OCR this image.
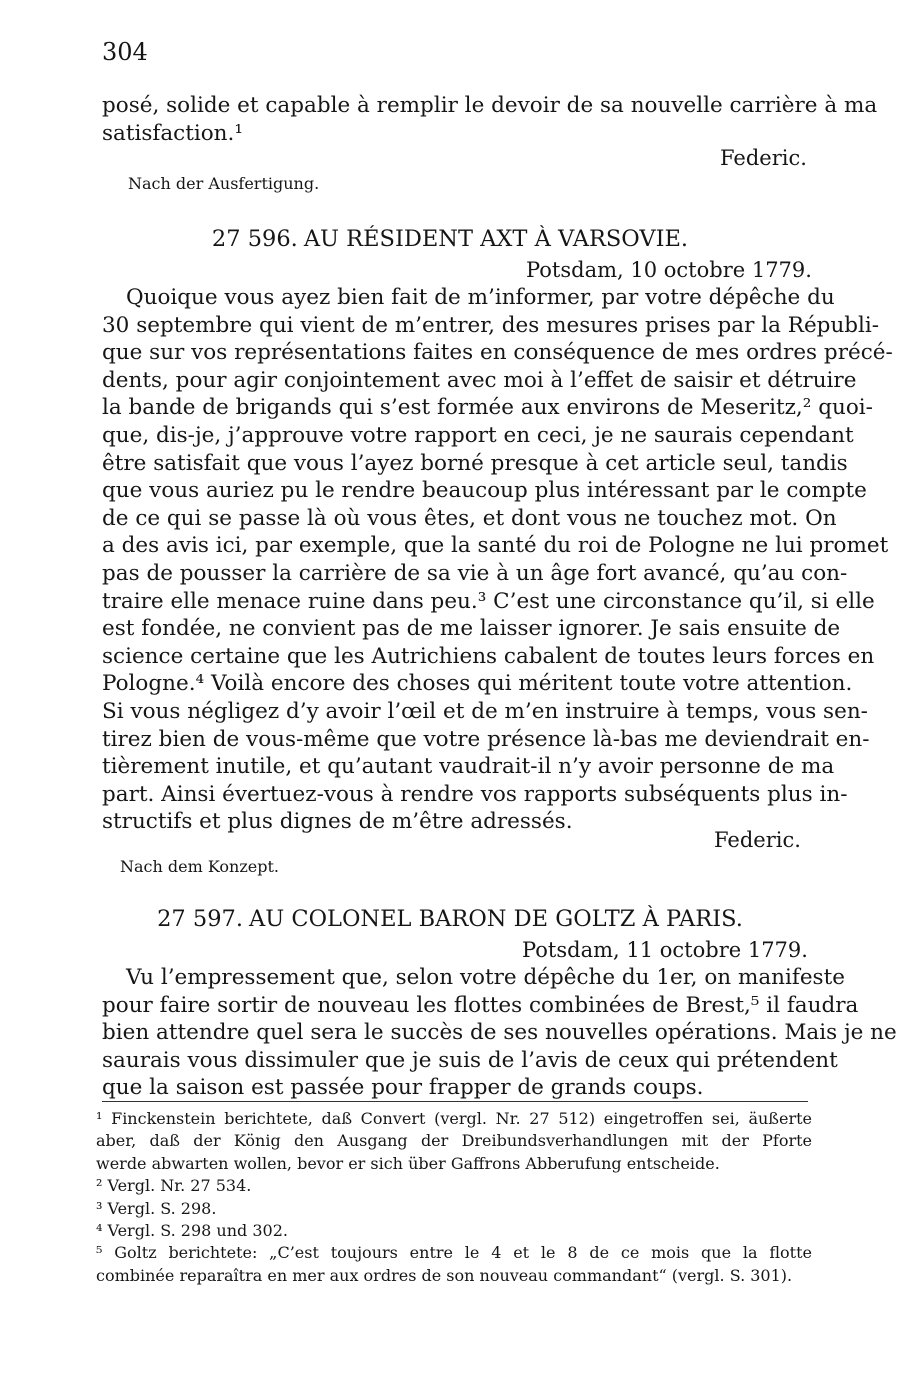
304
posé, solide et capable à remplir le devoir de sa nouvelle carrière à ma
satisfaction.¹
Federic.
Nach der Ausfertigung.
27 596. AU RÉSIDENT AXT À VARSOVIE.
Potsdam, 10 octobre 1779.
Quoique vous ayez bien fait de m’informer, par votre dépêche du
30 septembre qui vient de m’entrer, des mesures prises par la Républi-
que sur vos représentations faites en conséquence de mes ordres précé-
dents, pour agir conjointement avec moi à l’effet de saisir et détruire
la bande de brigands qui s’est formée aux environs de Meseritz,² quoi-
que, dis-je, j’approuve votre rapport en ceci, je ne saurais cependant
être satisfait que vous l’ayez borné presque à cet article seul, tandis
que vous auriez pu le rendre beaucoup plus intéressant par le compte
de ce qui se passe là où vous êtes, et dont vous ne touchez mot. On
a des avis ici, par exemple, que la santé du roi de Pologne ne lui promet
pas de pousser la carrière de sa vie à un âge fort avancé, qu’au con-
traire elle menace ruine dans peu.³ C’est une circonstance qu’il, si elle
est fondée, ne convient pas de me laisser ignorer. Je sais ensuite de
science certaine que les Autrichiens cabalent de toutes leurs forces en
Pologne.⁴ Voilà encore des choses qui méritent toute votre attention.
Si vous négligez d’y avoir l’œil et de m’en instruire à temps, vous sen-
tirez bien de vous-même que votre présence là-bas me deviendrait en-
tièrement inutile, et qu’autant vaudrait-il n’y avoir personne de ma
part. Ainsi évertuez-vous à rendre vos rapports subséquents plus in-
structifs et plus dignes de m’être adressés.
Federic.
Nach dem Konzept.
27 597. AU COLONEL BARON DE GOLTZ À PARIS.
Potsdam, 11 octobre 1779.
Vu l’empressement que, selon votre dépêche du 1er, on manifeste
pour faire sortir de nouveau les flottes combinées de Brest,⁵ il faudra
bien attendre quel sera le succès de ses nouvelles opérations. Mais je ne
saurais vous dissimuler que je suis de l’avis de ceux qui prétendent
que la saison est passée pour frapper de grands coups.
¹ Finckenstein berichtete, daß Convert (vergl. Nr. 27 512) eingetroffen sei, äußerte
aber, daß der König den Ausgang der Dreibundsverhandlungen mit der Pforte
werde abwarten wollen, bevor er sich über Gaffrons Abberufung entscheide.
² Vergl. Nr. 27 534.
³ Vergl. S. 298.
⁴ Vergl. S. 298 und 302.
⁵ Goltz berichtete: „C’est toujours entre le 4 et le 8 de ce mois que la flotte
combinée reparaîtra en mer aux ordres de son nouveau commandant“ (vergl. S. 301).
